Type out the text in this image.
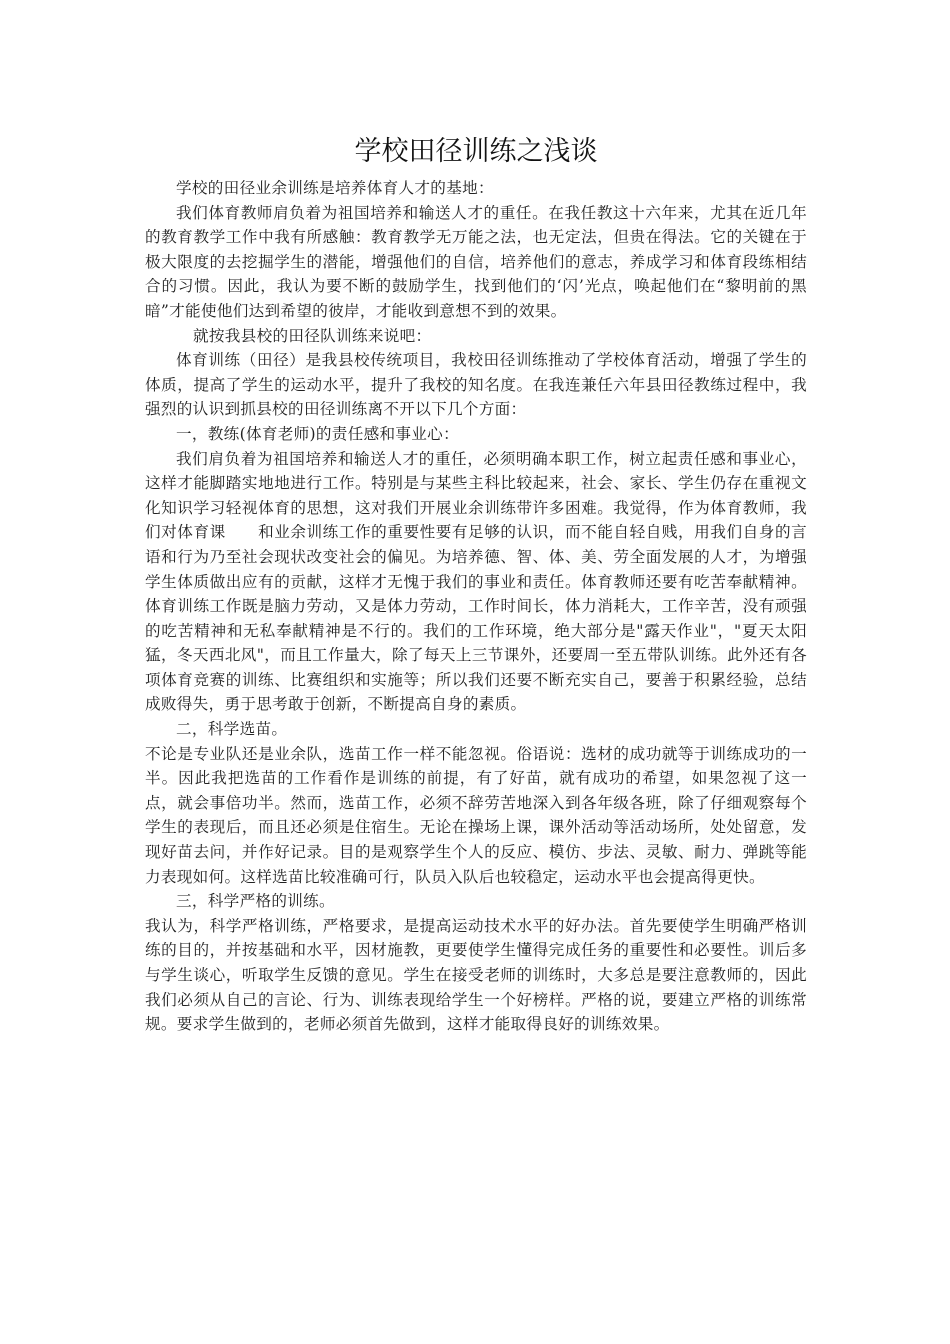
学校田径训练之浅谈

学校的田径业余训练是培养体育人才的基地：

我们体育教师肩负着为祖国培养和输送人才的重任。在我任教这十六年来，尤其在近几年的教育教学工作中我有所感触：教育教学无万能之法，也无定法，但贵在得法。它的关键在于极大限度的去挖掘学生的潜能，增强他们的自信，培养他们的意志，养成学习和体育段练相结合的习惯。因此，我认为要不断的鼓励学生，找到他们的‘闪’光点，唤起他们在“黎明前的黑暗”才能使他们达到希望的彼岸，才能收到意想不到的效果。

就按我县校的田径队训练来说吧：

体育训练（田径）是我县校传统项目，我校田径训练推动了学校体育活动，增强了学生的体质，提高了学生的运动水平，提升了我校的知名度。在我连兼任六年县田径教练过程中，我强烈的认识到抓县校的田径训练离不开以下几个方面：

一，教练(体育老师)的责任感和事业心：

我们肩负着为祖国培养和输送人才的重任，必须明确本职工作，树立起责任感和事业心，这样才能脚踏实地地进行工作。特别是与某些主科比较起来，社会、家长、学生仍存在重视文化知识学习轻视体育的思想，这对我们开展业余训练带许多困难。我觉得，作为体育教师，我们对体育课　　和业余训练工作的重要性要有足够的认识，而不能自轻自贱，用我们自身的言语和行为乃至社会现状改变社会的偏见。为培养德、智、体、美、劳全面发展的人才，为增强学生体质做出应有的贡献，这样才无愧于我们的事业和责任。体育教师还要有吃苦奉献精神。体育训练工作既是脑力劳动，又是体力劳动，工作时间长，体力消耗大，工作辛苦，没有顽强的吃苦精神和无私奉献精神是不行的。我们的工作环境，绝大部分是"露天作业"，"夏天太阳猛，冬天西北风"，而且工作量大，除了每天上三节课外，还要周一至五带队训练。此外还有各项体育竞赛的训练、比赛组织和实施等；所以我们还要不断充实自己，要善于积累经验，总结成败得失，勇于思考敢于创新，不断提高自身的素质。

二，科学选苗。

不论是专业队还是业余队，选苗工作一样不能忽视。俗语说：选材的成功就等于训练成功的一半。因此我把选苗的工作看作是训练的前提，有了好苗，就有成功的希望，如果忽视了这一点，就会事倍功半。然而，选苗工作，必须不辞劳苦地深入到各年级各班，除了仔细观察每个学生的表现后，而且还必须是住宿生。无论在操场上课，课外活动等活动场所，处处留意，发现好苗去问，并作好记录。目的是观察学生个人的反应、模仿、步法、灵敏、耐力、弹跳等能力表现如何。这样选苗比较准确可行，队员入队后也较稳定，运动水平也会提高得更快。

三，科学严格的训练。

我认为，科学严格训练，严格要求，是提高运动技术水平的好办法。首先要使学生明确严格训练的目的，并按基础和水平，因材施教，更要使学生懂得完成任务的重要性和必要性。训后多与学生谈心，听取学生反馈的意见。学生在接受老师的训练时，大多总是要注意教师的，因此我们必须从自己的言论、行为、训练表现给学生一个好榜样。严格的说，要建立严格的训练常规。要求学生做到的，老师必须首先做到，这样才能取得良好的训练效果。
